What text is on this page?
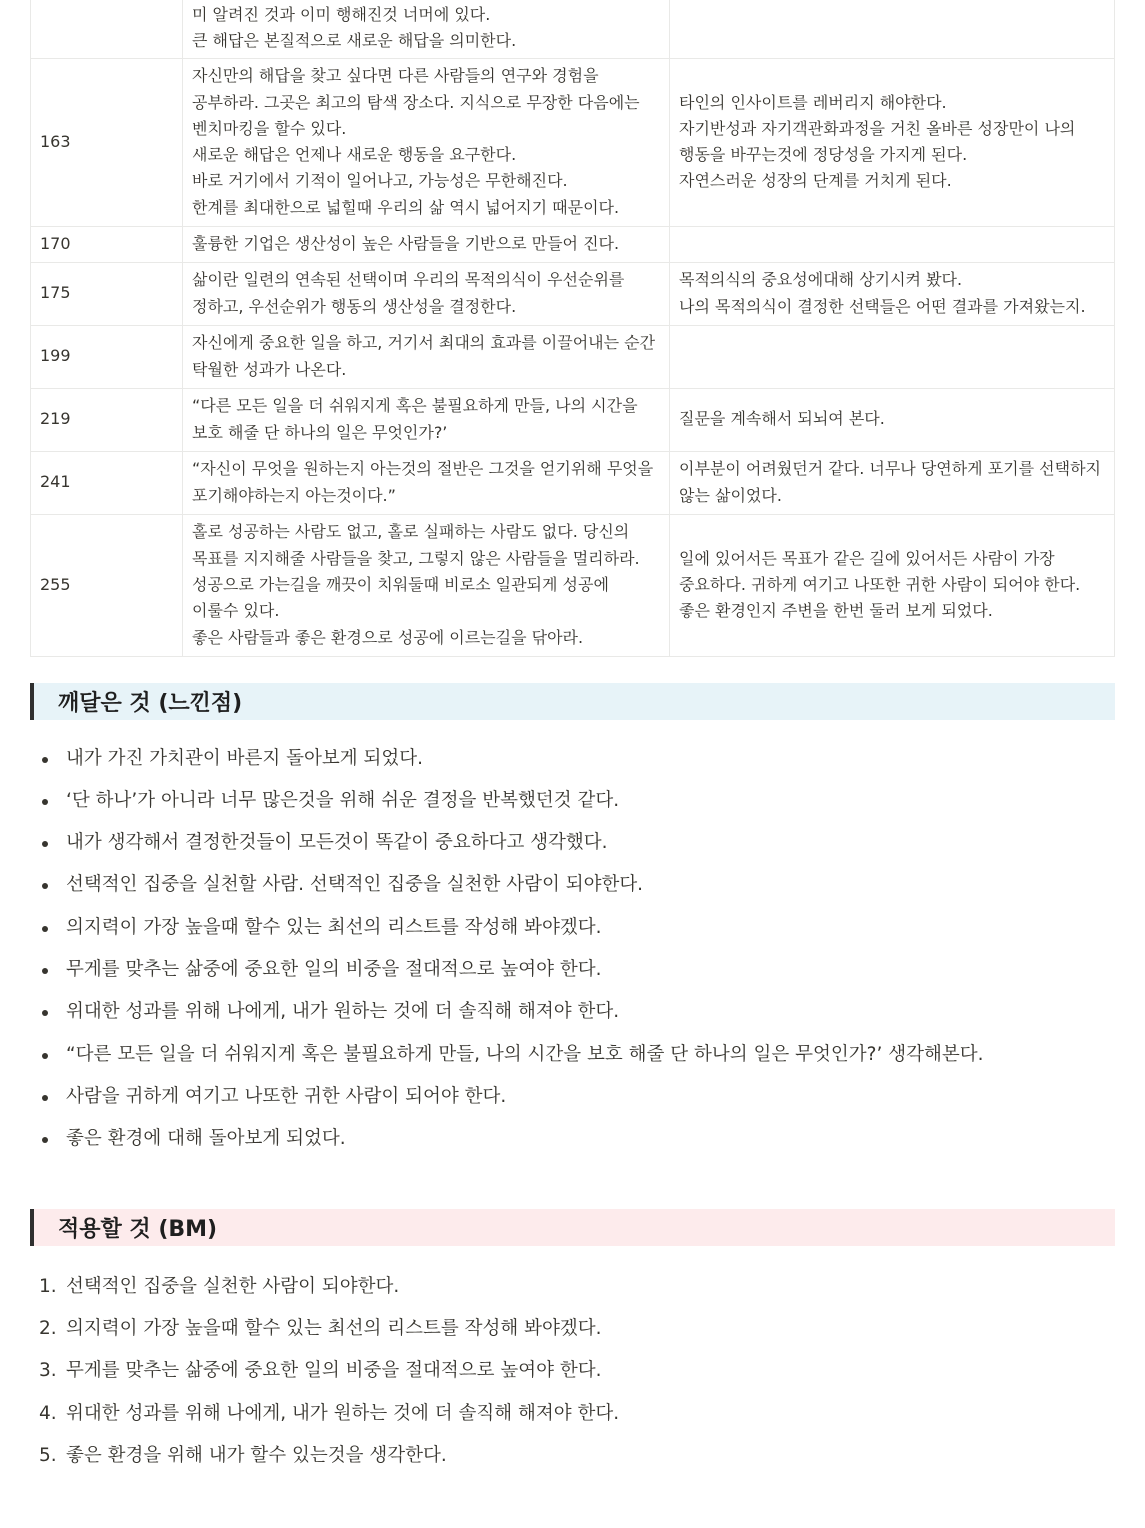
	미 알려진 것과 이미 행해진것 너머에 있다.
큰 해답은 본질적으로 새로운 해답을 의미한다.	
163	자신만의 해답을 찾고 싶다면 다른 사람들의 연구와 경험을 공부하라. 그곳은 최고의 탐색 장소다. 지식으로 무장한 다음에는 벤치마킹을 할수 있다.
새로운 해답은 언제나 새로운 행동을 요구한다.
바로 거기에서 기적이 일어나고, 가능성은 무한해진다.
한계를 최대한으로 넓힐때 우리의 삶 역시 넓어지기 때문이다.	타인의 인사이트를 레버리지 해야한다.
자기반성과 자기객관화과정을 거친 올바른 성장만이 나의 행동을 바꾸는것에 정당성을 가지게 된다.
자연스러운 성장의 단계를 거치게 된다.
170	훌륭한 기업은 생산성이 높은 사람들을 기반으로 만들어 진다.	
175	삶이란 일련의 연속된 선택이며 우리의 목적의식이 우선순위를 정하고, 우선순위가 행동의 생산성을 결정한다.	목적의식의 중요성에대해 상기시켜 봤다.
나의 목적의식이 결정한 선택들은 어떤 결과를 가져왔는지.
199	자신에게 중요한 일을 하고, 거기서 최대의 효과를 이끌어내는 순간 탁월한 성과가 나온다.	
219	“다른 모든 일을 더 쉬워지게 혹은 불필요하게 만들, 나의 시간을 보호 해줄 단 하나의 일은 무엇인가?’	질문을 계속해서 되뇌여 본다.
241	“자신이 무엇을 원하는지 아는것의 절반은 그것을 얻기위해 무엇을 포기해야하는지 아는것이다.”	이부분이 어려웠던거 같다. 너무나 당연하게 포기를 선택하지 않는 삶이었다.
255	홀로 성공하는 사람도 없고, 홀로 실패하는 사람도 없다. 당신의 목표를 지지해줄 사람들을 찾고, 그렇지 않은 사람들을 멀리하라. 성공으로 가는길을 깨끗이 치워둘때 비로소 일관되게 성공에 이룰수 있다.
좋은 사람들과 좋은 환경으로 성공에 이르는길을 닦아라.	일에 있어서든 목표가 같은 길에 있어서든 사람이 가장 중요하다. 귀하게 여기고 나또한 귀한 사람이 되어야 한다. 좋은 환경인지 주변을 한번 둘러 보게 되었다.
깨달은 것 (느낀점)
내가 가진 가치관이 바른지 돌아보게 되었다.
‘단 하나’가 아니라 너무 많은것을 위해 쉬운 결정을 반복했던것 같다.
내가 생각해서 결정한것들이 모든것이 똑같이 중요하다고 생각했다.
선택적인 집중을 실천할 사람. 선택적인 집중을 실천한 사람이 되야한다.
의지력이 가장 높을때 할수 있는 최선의 리스트를 작성해 봐야겠다.
무게를 맞추는 삶중에 중요한 일의 비중을 절대적으로 높여야 한다.
위대한 성과를 위해 나에게, 내가 원하는 것에 더 솔직해 해져야 한다.
“다른 모든 일을 더 쉬워지게 혹은 불필요하게 만들, 나의 시간을 보호 해줄 단 하나의 일은 무엇인가?’ 생각해본다.
사람을 귀하게 여기고 나또한 귀한 사람이 되어야 한다.
좋은 환경에 대해 돌아보게 되었다.
적용할 것 (BM)
1. 선택적인 집중을 실천한 사람이 되야한다.
2. 의지력이 가장 높을때 할수 있는 최선의 리스트를 작성해 봐야겠다.
3. 무게를 맞추는 삶중에 중요한 일의 비중을 절대적으로 높여야 한다.
4. 위대한 성과를 위해 나에게, 내가 원하는 것에 더 솔직해 해져야 한다.
5. 좋은 환경을 위해 내가 할수 있는것을 생각한다.
